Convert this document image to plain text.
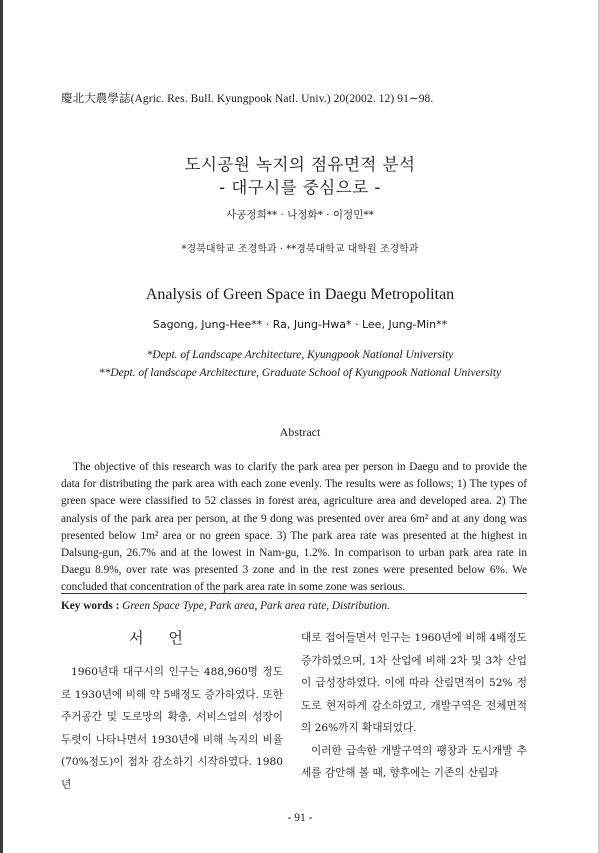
慶北大農學誌(Agric. Res. Bull. Kyungpook Natl. Univ.) 20(2002. 12) 91∼98.
도시공원 녹지의 점유면적 분석
- 대구시를 중심으로 -
사공정희** · 나정화* · 이정민**
*경북대학교 조경학과 · **경북대학교 대학원 조경학과
Analysis of Green Space in Daegu Metropolitan
Sagong, Jung-Hee** · Ra, Jung-Hwa* · Lee, Jung-Min**
*Dept. of Landscape Architecture, Kyungpook National University
**Dept. of landscape Architecture, Graduate School of Kyungpook National University
Abstract

The objective of this research was to clarify the park area per person in Daegu and to provide the data for distributing the park area with each zone evenly. The results were as follows; 1) The types of green space were classified to 52 classes in forest area, agriculture area and developed area. 2) The analysis of the park area per person, at the 9 dong was presented over area 6m² and at any dong was presented below 1m² area or no green space. 3) The park area rate was presented at the highest in Dalsung-gun, 26.7% and at the lowest in Nam-gu, 1.2%. In comparison to urban park area rate in Daegu 8.9%, over rate was presented 3 zone and in the rest zones were presented below 6%. We concluded that concentration of the park area rate in some zone was serious.

Key words : Green Space Type, Park area, Park area rate, Distribution.
서 언

1960년대 대구시의 인구는 488,960명 정도로 1930년에 비해 약 5배정도 증가하였다. 또한 주거공간 및 도로망의 확충, 서비스업의 성장이 두렷이 나타나면서 1930년에 비해 녹지의 비율(70%정도)이 점차 감소하기 시작하였다. 1980년

대로 접어들면서 인구는 1960년에 비해 4배정도 증가하였으며, 1차 산업에 비해 2차 및 3차 산업이 급성장하였다. 이에 따라 산림면적이 52% 정도로 현저하게 감소하였고, 개발구역은 전체면적의 26%까지 확대되었다.
이러한 급속한 개발구역의 팽창과 도시개발 추세를 감안해 볼 때, 향후에는 기존의 산림과

- 91 -
